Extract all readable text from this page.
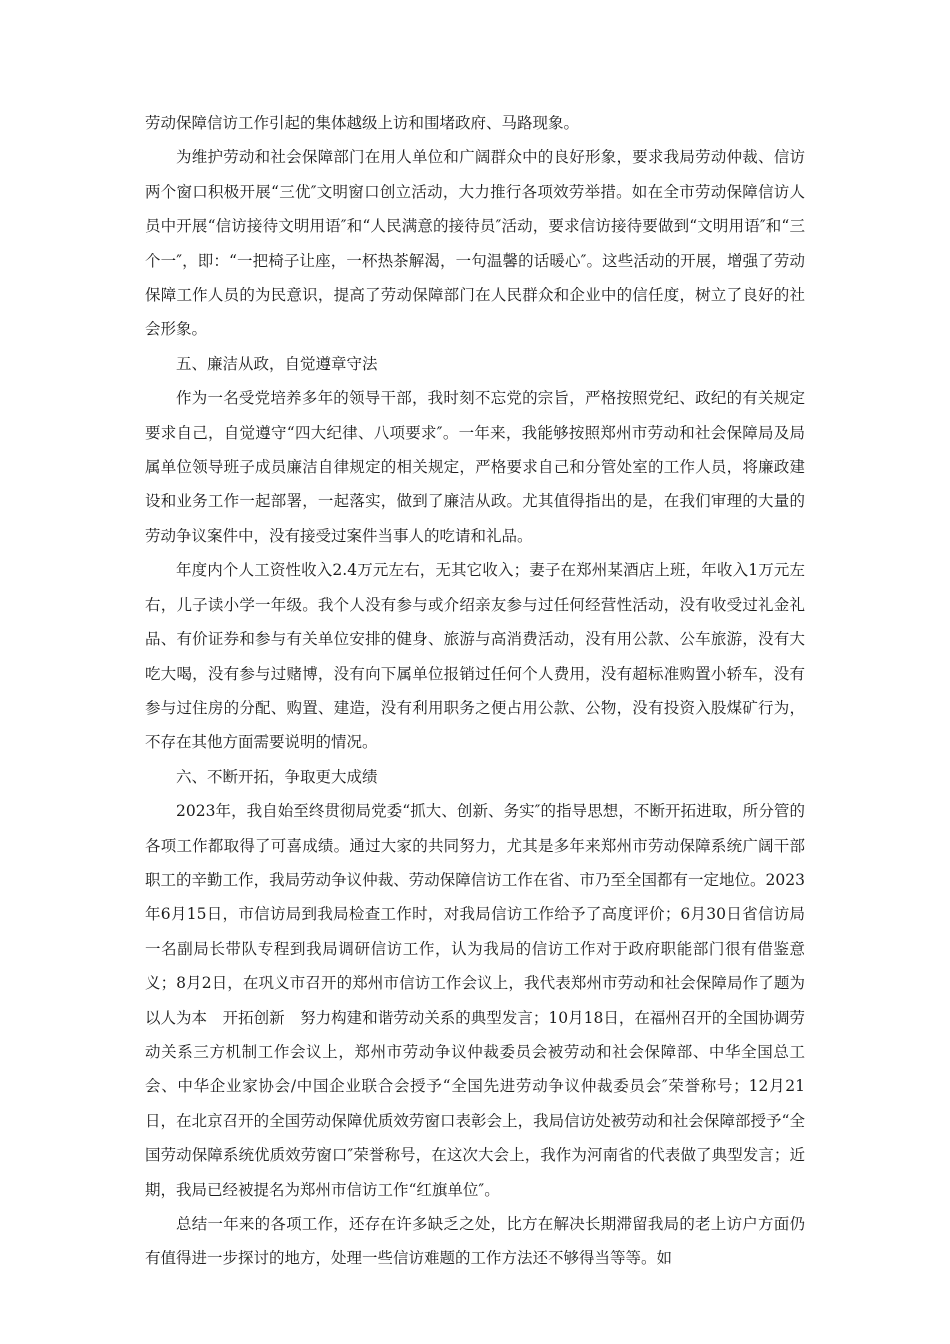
劳动保障信访工作引起的集体越级上访和围堵政府、马路现象。

为维护劳动和社会保障部门在用人单位和广阔群众中的良好形象，要求我局劳动仲裁、信访两个窗口积极开展“三优″文明窗口创立活动，大力推行各项效劳举措。如在全市劳动保障信访人员中开展“信访接待文明用语″和“人民满意的接待员″活动，要求信访接待要做到“文明用语″和“三个一″，即：“一把椅子让座，一杯热茶解渴，一句温馨的话暖心″。这些活动的开展，增强了劳动保障工作人员的为民意识，提高了劳动保障部门在人民群众和企业中的信任度，树立了良好的社会形象。

五、廉洁从政，自觉遵章守法

作为一名受党培养多年的领导干部，我时刻不忘党的宗旨，严格按照党纪、政纪的有关规定要求自己，自觉遵守“四大纪律、八项要求″。一年来，我能够按照郑州市劳动和社会保障局及局属单位领导班子成员廉洁自律规定的相关规定，严格要求自己和分管处室的工作人员，将廉政建设和业务工作一起部署，一起落实，做到了廉洁从政。尤其值得指出的是，在我们审理的大量的劳动争议案件中，没有接受过案件当事人的吃请和礼品。

年度内个人工资性收入2.4万元左右，无其它收入；妻子在郑州某酒店上班，年收入1万元左右，儿子读小学一年级。我个人没有参与或介绍亲友参与过任何经营性活动，没有收受过礼金礼品、有价证券和参与有关单位安排的健身、旅游与高消费活动，没有用公款、公车旅游，没有大吃大喝，没有参与过赌博，没有向下属单位报销过任何个人费用，没有超标准购置小轿车，没有参与过住房的分配、购置、建造，没有利用职务之便占用公款、公物，没有投资入股煤矿行为，不存在其他方面需要说明的情况。

六、不断开拓，争取更大成绩

2023年，我自始至终贯彻局党委“抓大、创新、务实″的指导思想，不断开拓进取，所分管的各项工作都取得了可喜成绩。通过大家的共同努力，尤其是多年来郑州市劳动保障系统广阔干部职工的辛勤工作，我局劳动争议仲裁、劳动保障信访工作在省、市乃至全国都有一定地位。2023年6月15日，市信访局到我局检查工作时，对我局信访工作给予了高度评价；6月30日省信访局一名副局长带队专程到我局调研信访工作，认为我局的信访工作对于政府职能部门很有借鉴意义；8月2日，在巩义市召开的郑州市信访工作会议上，我代表郑州市劳动和社会保障局作了题为以人为本　开拓创新　努力构建和谐劳动关系的典型发言；10月18日，在福州召开的全国协调劳动关系三方机制工作会议上，郑州市劳动争议仲裁委员会被劳动和社会保障部、中华全国总工会、中华企业家协会/中国企业联合会授予“全国先进劳动争议仲裁委员会″荣誉称号；12月21日，在北京召开的全国劳动保障优质效劳窗口表彰会上，我局信访处被劳动和社会保障部授予“全国劳动保障系统优质效劳窗口″荣誉称号，在这次大会上，我作为河南省的代表做了典型发言；近期，我局已经被提名为郑州市信访工作“红旗单位″。

总结一年来的各项工作，还存在许多缺乏之处，比方在解决长期滞留我局的老上访户方面仍有值得进一步探讨的地方，处理一些信访难题的工作方法还不够得当等等。如
